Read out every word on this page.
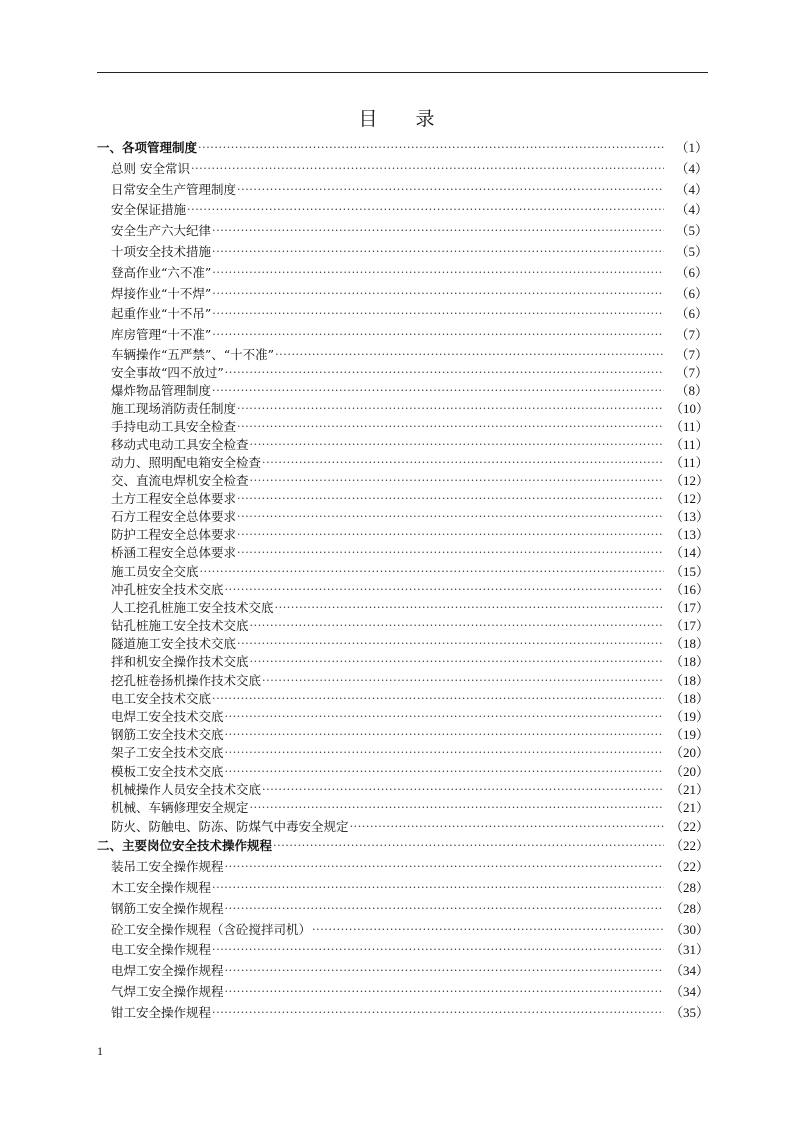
目 录
一、各项管理制度 ·····	（1）
总则 安全常识 ·····	（4）
日常安全生产管理制度 ·····	（4）
安全保证措施 ·····	（4）
安全生产六大纪律 ·····	（5）
十项安全技术措施 ·····	（5）
登高作业“六不准” ·····	（6）
焊接作业“十不焊” ·····	（6）
起重作业“十不吊” ·····	（6）
库房管理“十不准” ·····	（7）
车辆操作“五严禁”、“十不准” ·····	（7）
安全事故“四不放过” ·····	（7）
爆炸物品管理制度 ·····	（8）
施工现场消防责任制度 ·····	（10）
手持电动工具安全检查 ·····	（11）
移动式电动工具安全检查 ·····	（11）
动力、照明配电箱安全检查 ·····	（11）
交、直流电焊机安全检查 ·····	（12）
土方工程安全总体要求 ·····	（12）
石方工程安全总体要求 ·····	（13）
防护工程安全总体要求 ·····	（13）
桥涵工程安全总体要求 ·····	（14）
施工员安全交底 ·····	（15）
冲孔桩安全技术交底 ·····	（16）
人工挖孔桩施工安全技术交底 ·····	（17）
钻孔桩施工安全技术交底 ·····	（17）
隧道施工安全技术交底 ·····	（18）
拌和机安全操作技术交底 ·····	（18）
挖孔桩卷扬机操作技术交底 ·····	（18）
电工安全技术交底 ·····	（18）
电焊工安全技术交底 ·····	（19）
钢筋工安全技术交底 ·····	（19）
架子工安全技术交底 ·····	（20）
模板工安全技术交底 ·····	（20）
机械操作人员安全技术交底 ·····	（21）
机械、车辆修理安全规定 ·····	（21）
防火、防触电、防冻、防煤气中毒安全规定 ·····	（22）
二、主要岗位安全技术操作规程 ·····	（22）
装吊工安全操作规程 ·····	（22）
木工安全操作规程 ·····	（28）
钢筋工安全操作规程 ·····	（28）
砼工安全操作规程（含砼搅拌司机） ·····	（30）
电工安全操作规程 ·····	（31）
电焊工安全操作规程 ·····	（34）
气焊工安全操作规程 ·····	（34）
钳工安全操作规程 ·····	（35）
1
